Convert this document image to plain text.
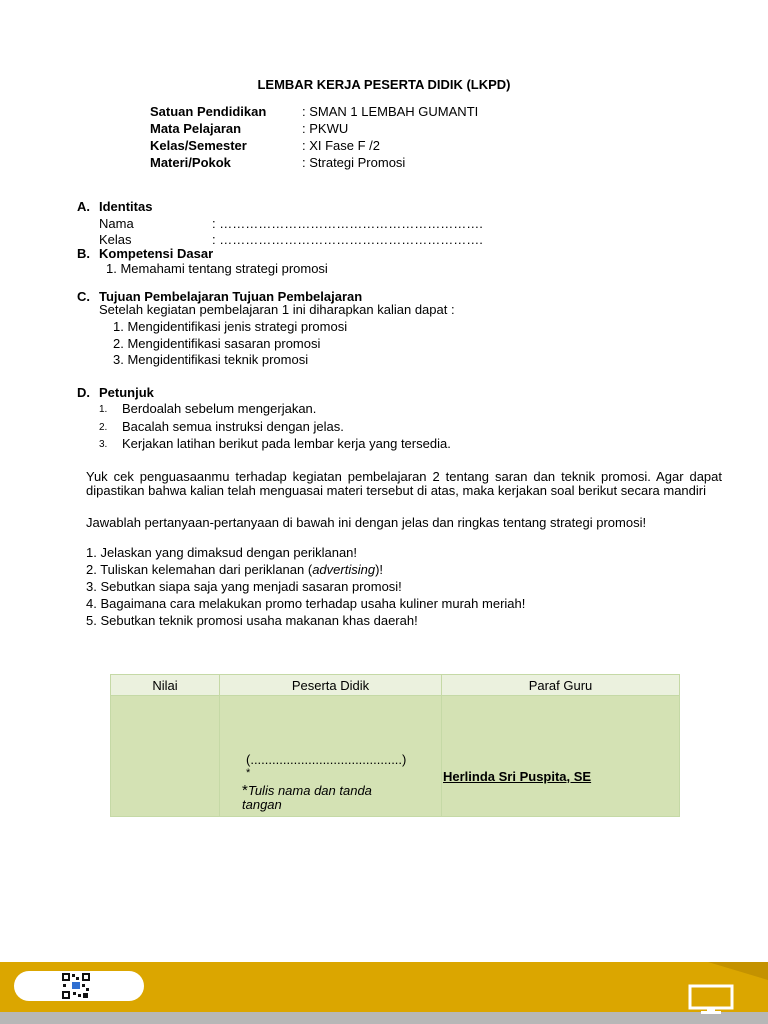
LEMBAR KERJA PESERTA DIDIK (LKPD)
Satuan Pendidikan	: SMAN 1 LEMBAH GUMANTI
Mata Pelajaran	: PKWU
Kelas/Semester	: XI Fase F /2
Materi/Pokok	: Strategi Promosi
A. Identitas
Nama	: …………………………………………………….
Kelas	: …………………………………………………….
B. Kompetensi Dasar
1. Memahami tentang strategi promosi
C. Tujuan Pembelajaran Tujuan Pembelajaran
Setelah kegiatan pembelajaran 1 ini diharapkan kalian dapat :
1. Mengidentifikasi jenis strategi promosi
2. Mengidentifikasi sasaran promosi
3. Mengidentifikasi teknik promosi
D. Petunjuk
1. Berdoalah sebelum mengerjakan.
2. Bacalah semua instruksi dengan jelas.
3. Kerjakan latihan berikut pada lembar kerja yang tersedia.
Yuk cek penguasaanmu terhadap kegiatan pembelajaran 2 tentang saran dan teknik promosi. Agar dapat dipastikan bahwa kalian telah menguasai materi tersebut di atas, maka kerjakan soal berikut secara mandiri
Jawablah pertanyaan-pertanyaan di bawah ini dengan jelas dan ringkas tentang strategi promosi!
1. Jelaskan yang dimaksud dengan periklanan!
2. Tuliskan kelemahan dari periklanan (advertising)!
3. Sebutkan siapa saja yang menjadi sasaran promosi!
4. Bagaimana cara melakukan promo terhadap usaha kuliner murah meriah!
5. Sebutkan teknik promosi usaha makanan khas daerah!
Nilai	Peserta Didik	Paraf Guru

	(..........................................)
*
*Tulis nama dan tanda
tangan	Herlinda Sri Puspita, SE
